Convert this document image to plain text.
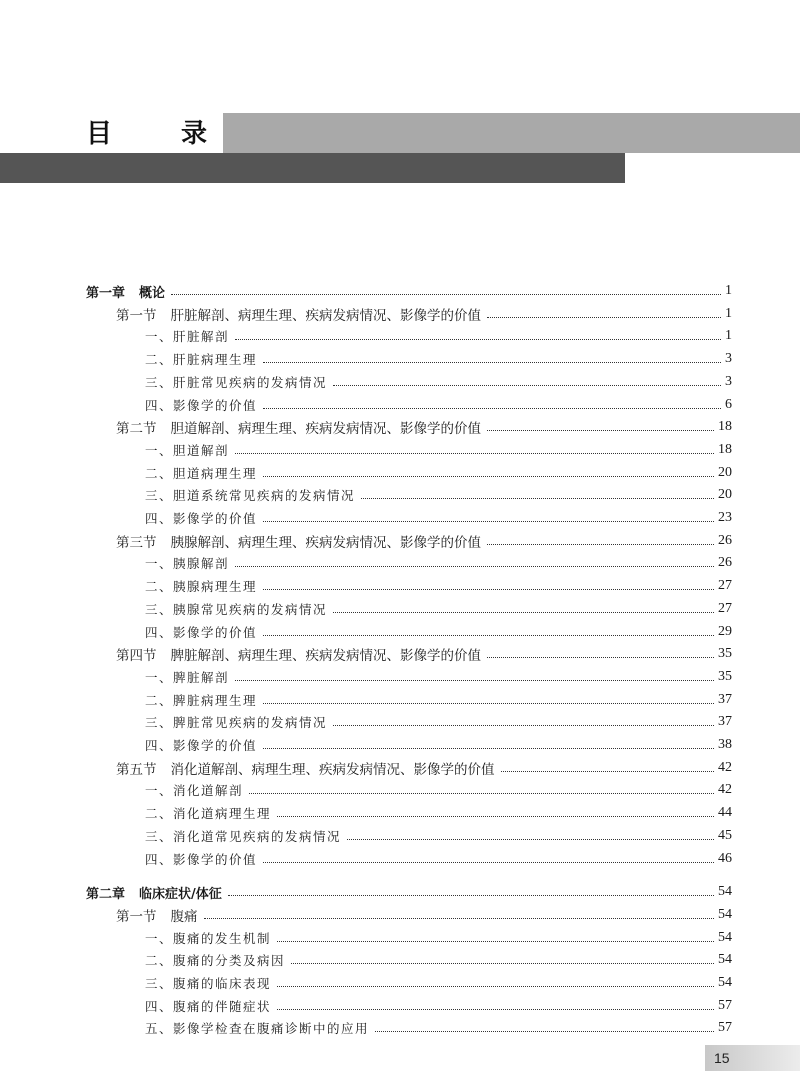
目 录
第一章 概论	1
第一节 肝脏解剖、病理生理、疾病发病情况、影像学的价值	1
一、肝脏解剖	1
二、肝脏病理生理	3
三、肝脏常见疾病的发病情况	3
四、影像学的价值	6
第二节 胆道解剖、病理生理、疾病发病情况、影像学的价值	18
一、胆道解剖	18
二、胆道病理生理	20
三、胆道系统常见疾病的发病情况	20
四、影像学的价值	23
第三节 胰腺解剖、病理生理、疾病发病情况、影像学的价值	26
一、胰腺解剖	26
二、胰腺病理生理	27
三、胰腺常见疾病的发病情况	27
四、影像学的价值	29
第四节 脾脏解剖、病理生理、疾病发病情况、影像学的价值	35
一、脾脏解剖	35
二、脾脏病理生理	37
三、脾脏常见疾病的发病情况	37
四、影像学的价值	38
第五节 消化道解剖、病理生理、疾病发病情况、影像学的价值	42
一、消化道解剖	42
二、消化道病理生理	44
三、消化道常见疾病的发病情况	45
四、影像学的价值	46
第二章 临床症状/体征	54
第一节 腹痛	54
一、腹痛的发生机制	54
二、腹痛的分类及病因	54
三、腹痛的临床表现	54
四、腹痛的伴随症状	57
五、影像学检查在腹痛诊断中的应用	57
15
